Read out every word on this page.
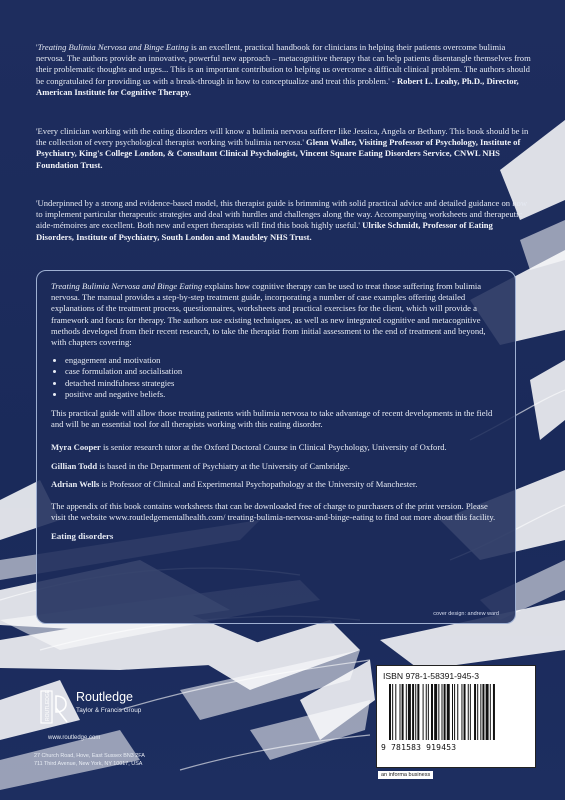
'Treating Bulimia Nervosa and Binge Eating is an excellent, practical handbook for clinicians in helping their patients overcome bulimia nervosa. The authors provide an innovative, powerful new approach – metacognitive therapy that can help patients disentangle themselves from their problematic thoughts and urges... This is an important contribution to helping us overcome a difficult clinical problem. The authors should be congratulated for providing us with a break-through in how to conceptualize and treat this problem.' - Robert L. Leahy, Ph.D., Director, American Institute for Cognitive Therapy.
'Every clinician working with the eating disorders will know a bulimia nervosa sufferer like Jessica, Angela or Bethany. This book should be in the collection of every psychological therapist working with bulimia nervosa.' Glenn Waller, Visiting Professor of Psychology, Institute of Psychiatry, King's College London, & Consultant Clinical Psychologist, Vincent Square Eating Disorders Service, CNWL NHS Foundation Trust.
'Underpinned by a strong and evidence-based model, this therapist guide is brimming with solid practical advice and detailed guidance on how to implement particular therapeutic strategies and deal with hurdles and challenges along the way. Accompanying worksheets and therapeutic aide-mémoires are excellent. Both new and expert therapists will find this book highly useful.' Ulrike Schmidt, Professor of Eating Disorders, Institute of Psychiatry, South London and Maudsley NHS Trust.

Treating Bulimia Nervosa and Binge Eating explains how cognitive therapy can be used to treat those suffering from bulimia nervosa. The manual provides a step-by-step treatment guide, incorporating a number of case examples offering detailed explanations of the treatment process, questionnaires, worksheets and practical exercises for the client, which will provide a framework and focus for therapy. The authors use existing techniques, as well as new integrated cognitive and metacognitive methods developed from their recent research, to take the therapist from initial assessment to the end of treatment and beyond, with chapters covering:

• engagement and motivation
• case formulation and socialisation
• detached mindfulness strategies
• positive and negative beliefs.

This practical guide will allow those treating patients with bulimia nervosa to take advantage of recent developments in the field and will be an essential tool for all therapists working with this eating disorder.

Myra Cooper is senior research tutor at the Oxford Doctoral Course in Clinical Psychology, University of Oxford.

Gillian Todd is based in the Department of Psychiatry at the University of Cambridge.

Adrian Wells is Professor of Clinical and Experimental Psychopathology at the University of Manchester.

The appendix of this book contains worksheets that can be downloaded free of charge to purchasers of the print version. Please visit the website www.routledgementalhealth.com/ treating-bulimia-nervosa-and-binge-eating to find out more about this facility.

Eating disorders
cover design: andrew ward
ROUTLEDGE Routledge
Taylor & Francis Group
www.routledge.com
27 Church Road, Hove, East Sussex BN3 2FA
711 Third Avenue, New York, NY 10017, USA
ISBN 978-1-58391-945-3
9 781583 919453
an informa business
